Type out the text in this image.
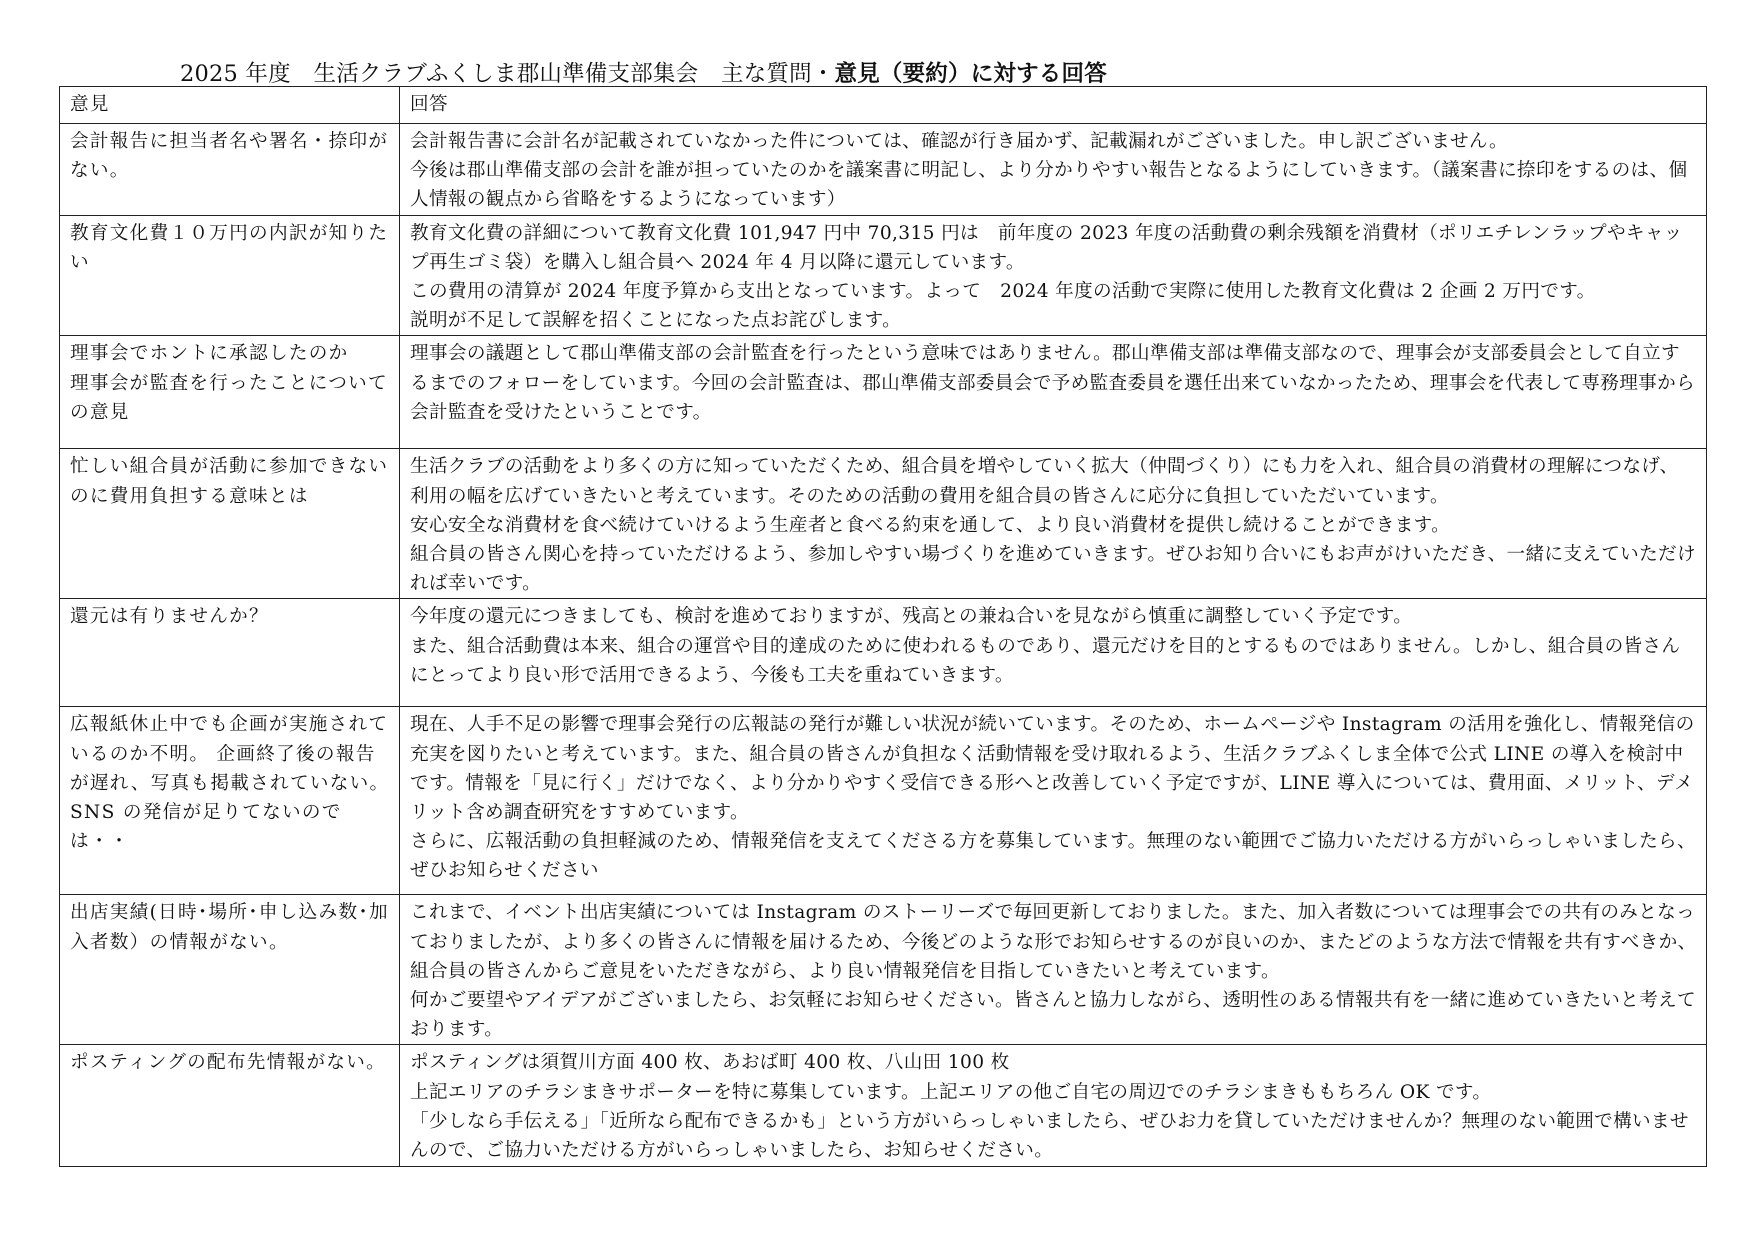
2025 年度　生活クラブふくしま郡山準備支部集会　主な質問・意見（要約）に対する回答
意見	回答

会計報告に担当者名や署名・捺印がない。	会計報告書に会計名が記載されていなかった件については、確認が行き届かず、記載漏れがございました。申し訳ございません。
今後は郡山準備支部の会計を誰が担っていたのかを議案書に明記し、より分かりやすい報告となるようにしていきます。（議案書に捺印をするのは、個人情報の観点から省略をするようになっています）

教育文化費１０万円の内訳が知りたい	教育文化費の詳細について教育文化費 101,947 円中 70,315 円は　前年度の 2023 年度の活動費の剰余残額を消費材（ポリエチレンラップやキャップ再生ゴミ袋）を購入し組合員へ 2024 年 4 月以降に還元しています。
この費用の清算が 2024 年度予算から支出となっています。よって　2024 年度の活動で実際に使用した教育文化費は 2 企画 2 万円です。
説明が不足して誤解を招くことになった点お詫びします。

理事会でホントに承認したのか
理事会が監査を行ったことについての意見	理事会の議題として郡山準備支部の会計監査を行ったという意味ではありません。郡山準備支部は準備支部なので、理事会が支部委員会として自立するまでのフォローをしています。今回の会計監査は、郡山準備支部委員会で予め監査委員を選任出来ていなかったため、理事会を代表して専務理事から会計監査を受けたということです。

忙しい組合員が活動に参加できないのに費用負担する意味とは	生活クラブの活動をより多くの方に知っていただくため、組合員を増やしていく拡大（仲間づくり）にも力を入れ、組合員の消費材の理解につなげ、利用の幅を広げていきたいと考えています。そのための活動の費用を組合員の皆さんに応分に負担していただいています。
安心安全な消費材を食べ続けていけるよう生産者と食べる約束を通して、より良い消費材を提供し続けることができます。
組合員の皆さん関心を持っていただけるよう、参加しやすい場づくりを進めていきます。ぜひお知り合いにもお声がけいただき、一緒に支えていただければ幸いです。

還元は有りませんか？	今年度の還元につきましても、検討を進めておりますが、残高との兼ね合いを見ながら慎重に調整していく予定です。
また、組合活動費は本来、組合の運営や目的達成のために使われるものであり、還元だけを目的とするものではありません。しかし、組合員の皆さんにとってより良い形で活用できるよう、今後も工夫を重ねていきます。

広報紙休止中でも企画が実施されているのか不明。 企画終了後の報告が遅れ、写真も掲載されていない。
SNS の発信が足りてないのでは・・	現在、人手不足の影響で理事会発行の広報誌の発行が難しい状況が続いています。そのため、ホームページや Instagram の活用を強化し、情報発信の充実を図りたいと考えています。また、組合員の皆さんが負担なく活動情報を受け取れるよう、生活クラブふくしま全体で公式 LINE の導入を検討中です。情報を「見に行く」だけでなく、より分かりやすく受信できる形へと改善していく予定ですが、LINE 導入については、費用面、メリット、デメリット含め調査研究をすすめています。
さらに、広報活動の負担軽減のため、情報発信を支えてくださる方を募集しています。無理のない範囲でご協力いただける方がいらっしゃいましたら、ぜひお知らせください

出店実績(日時･場所･申し込み数･加入者数）の情報がない。	これまで、イベント出店実績については Instagram のストーリーズで毎回更新しておりました。また、加入者数については理事会での共有のみとなっておりましたが、より多くの皆さんに情報を届けるため、今後どのような形でお知らせするのが良いのか、またどのような方法で情報を共有すべきか、組合員の皆さんからご意見をいただきながら、より良い情報発信を目指していきたいと考えています。
何かご要望やアイデアがございましたら、お気軽にお知らせください。皆さんと協力しながら、透明性のある情報共有を一緒に進めていきたいと考えております。

ポスティングの配布先情報がない。	ポスティングは須賀川方面 400 枚、あおば町 400 枚、八山田 100 枚
上記エリアのチラシまきサポーターを特に募集しています。上記エリアの他ご自宅の周辺でのチラシまきももちろん OK です。
「少しなら手伝える」「近所なら配布できるかも」という方がいらっしゃいましたら、ぜひお力を貸していただけませんか？無理のない範囲で構いませんので、ご協力いただける方がいらっしゃいましたら、お知らせください。
